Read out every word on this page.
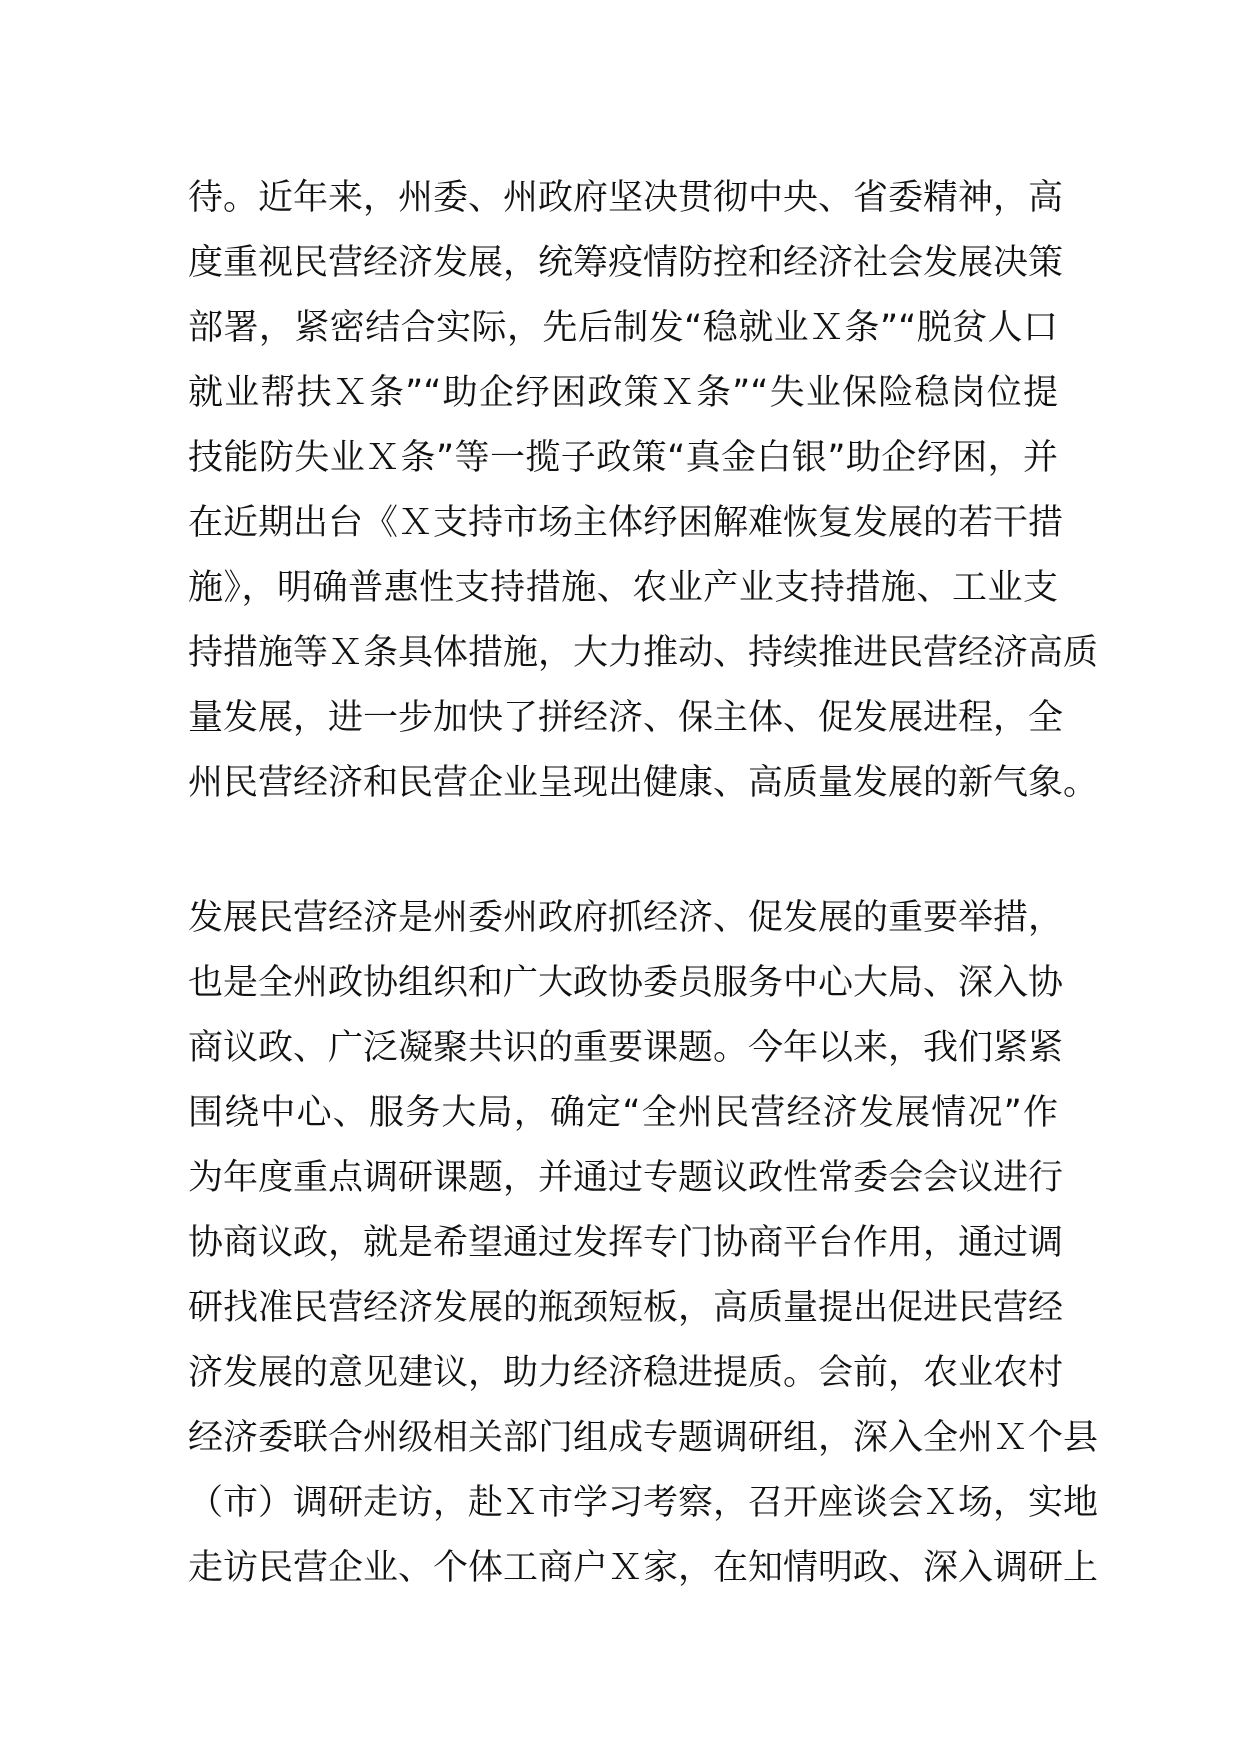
待。近年来，州委、州政府坚决贯彻中央、省委精神，高
度重视民营经济发展，统筹疫情防控和经济社会发展决策
部署，紧密结合实际，先后制发“稳就业Ｘ条”“脱贫人口
就业帮扶Ｘ条”“助企纾困政策Ｘ条”“失业保险稳岗位提
技能防失业Ｘ条”等一揽子政策“真金白银”助企纾困，并
在近期出台《Ｘ支持市场主体纾困解难恢复发展的若干措
施》，明确普惠性支持措施、农业产业支持措施、工业支
持措施等Ｘ条具体措施，大力推动、持续推进民营经济高质
量发展，进一步加快了拼经济、保主体、促发展进程，全
州民营经济和民营企业呈现出健康、高质量发展的新气象。

发展民营经济是州委州政府抓经济、促发展的重要举措，
也是全州政协组织和广大政协委员服务中心大局、深入协
商议政、广泛凝聚共识的重要课题。今年以来，我们紧紧
围绕中心、服务大局，确定“全州民营经济发展情况”作
为年度重点调研课题，并通过专题议政性常委会会议进行
协商议政，就是希望通过发挥专门协商平台作用，通过调
研找准民营经济发展的瓶颈短板，高质量提出促进民营经
济发展的意见建议，助力经济稳进提质。会前，农业农村
经济委联合州级相关部门组成专题调研组，深入全州Ｘ个县
（市）调研走访，赴Ｘ市学习考察，召开座谈会Ｘ场，实地
走访民营企业、个体工商户Ｘ家，在知情明政、深入调研上
